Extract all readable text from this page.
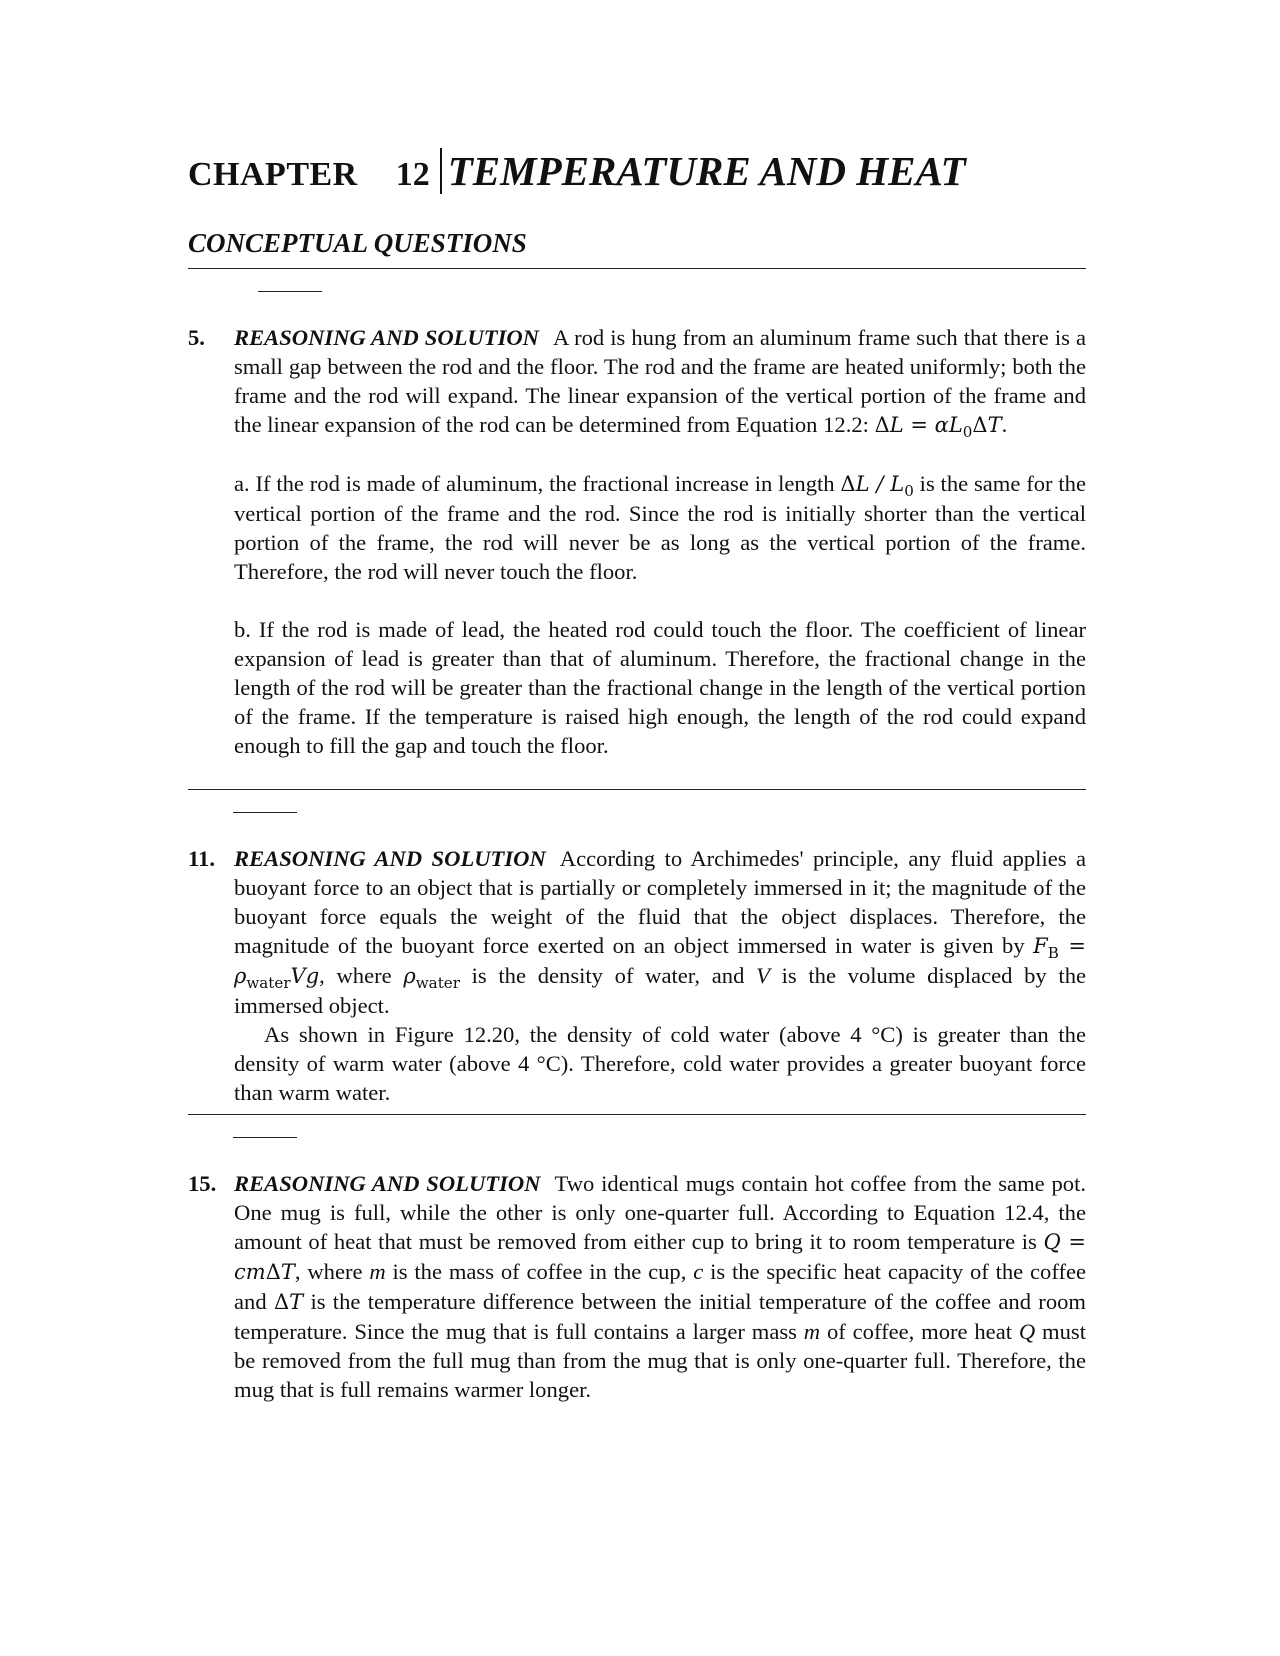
CHAPTER 12 TEMPERATURE AND HEAT
CONCEPTUAL QUESTIONS
5. REASONING AND SOLUTION A rod is hung from an aluminum frame such that there is a small gap between the rod and the floor. The rod and the frame are heated uniformly; both the frame and the rod will expand. The linear expansion of the vertical portion of the frame and the linear expansion of the rod can be determined from Equation 12.2: $\Delta L = \alpha L_0\Delta T$.

a. If the rod is made of aluminum, the fractional increase in length ΔL / $L_0$ is the same for the vertical portion of the frame and the rod. Since the rod is initially shorter than the vertical portion of the frame, the rod will never be as long as the vertical portion of the frame. Therefore, the rod will never touch the floor.

b. If the rod is made of lead, the heated rod could touch the floor. The coefficient of linear expansion of lead is greater than that of aluminum. Therefore, the fractional change in the length of the rod will be greater than the fractional change in the length of the vertical portion of the frame. If the temperature is raised high enough, the length of the rod could expand enough to fill the gap and touch the floor.

11. REASONING AND SOLUTION According to Archimedes' principle, any fluid applies a buoyant force to an object that is partially or completely immersed in it; the magnitude of the buoyant force equals the weight of the fluid that the object displaces. Therefore, the magnitude of the buoyant force exerted on an object immersed in water is given by $F_B = \rho_{water}Vg$, where $\rho_{water}$ is the density of water, and V is the volume displaced by the immersed object.

As shown in Figure 12.20, the density of cold water (above 4 °C) is greater than the density of warm water (above 4 °C). Therefore, cold water provides a greater buoyant force than warm water.

15. REASONING AND SOLUTION Two identical mugs contain hot coffee from the same pot. One mug is full, while the other is only one-quarter full. According to Equation 12.4, the amount of heat that must be removed from either cup to bring it to room temperature is Q = cmΔT, where m is the mass of coffee in the cup, c is the specific heat capacity of the coffee and ΔT is the temperature difference between the initial temperature of the coffee and room temperature. Since the mug that is full contains a larger mass m of coffee, more heat Q must be removed from the full mug than from the mug that is only one-quarter full. Therefore, the mug that is full remains warmer longer.
